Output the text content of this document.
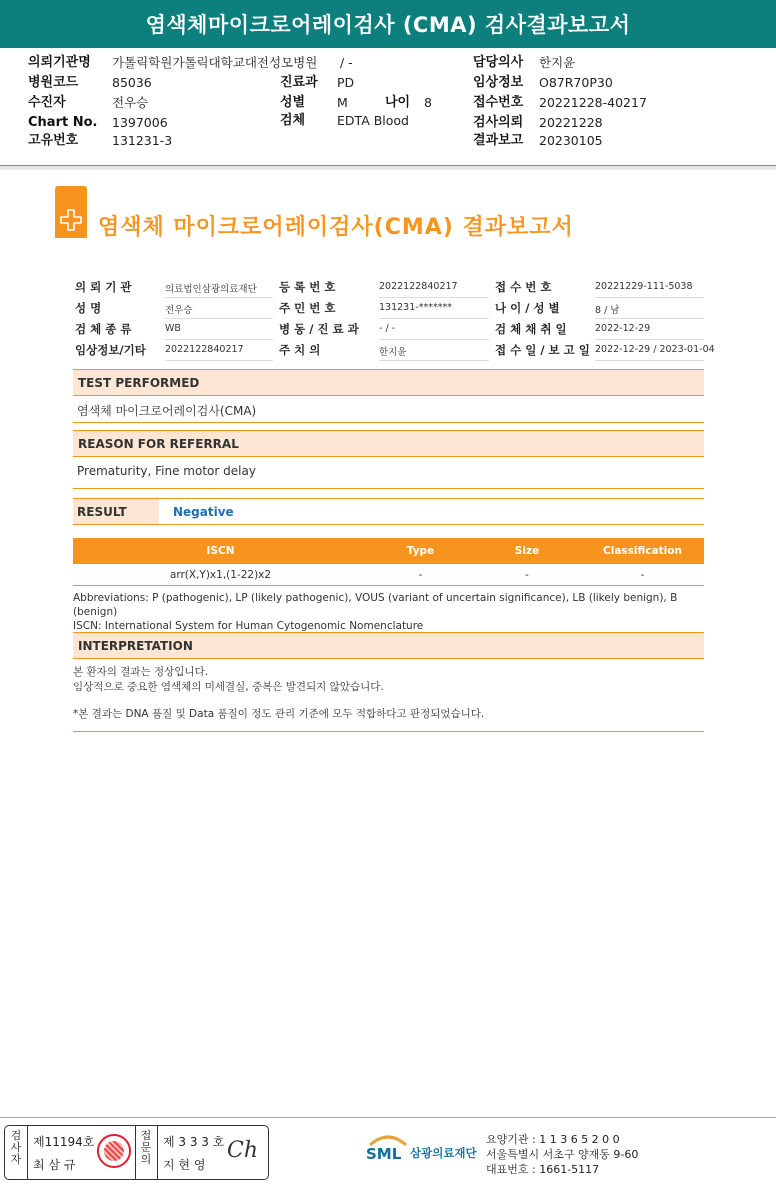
염색체마이크로어레이검사 (CMA) 검사결과보고서
의뢰기관명 가톨릭학원가톨릭대학교대전성모병원 / -
병원코드	85036
수진자	전우승
Chart No. 1397006
고유번호	131231-3
진료과 PD
성별	M	나이 8
검체	EDTA Blood
담당의사 한지윤
임상정보 O87R70P30
접수번호 20221228-40217
검사의뢰 20221228
결과보고 20230105
염색체 마이크로어레이검사(CMA) 결과보고서
의 뢰 기 관	의료법인삼광의료재단	등 록 번 호	2022122840217	접 수 번 호	20221229-111-5038
성 명	전우승	주 민 번 호	131231-*******	나 이 / 성 별	8 / 남
검 체 종 류	WB	병 동 / 진 료 과 - / -	검 체 채 취 일	2022-12-29
임상정보/기타 2022122840217	주 치 의	한지윤	접 수 일 / 보 고 일 2022-12-29 / 2023-01-04
TEST PERFORMED
염색체 마이크로어레이검사(CMA)
REASON FOR REFERRAL
Prematurity, Fine motor delay
RESULT	Negative
ISCN	Type	Size	Classification
arr(X,Y)x1,(1-22)x2	-	-	-
Abbreviations: P (pathogenic), LP (likely pathogenic), VOUS (variant of uncertain significance), LB (likely benign), B (benign)
ISCN: International System for Human Cytogenomic Nomenclature
INTERPRETATION
본 환자의 결과는 정상입니다.
임상적으로 중요한 염색체의 미세결실, 중복은 발견되지 않았습니다.
*본 결과는 DNA 품질 및 Data 품질이 정도 관리 기준에 모두 적합하다고 판정되었습니다.
검사자
제11194호
최 삼 규
접문의
제 3 3 3 호
지 현 영
Ch	SML 삼광의료재단
요양기관 : 1 1 3 6 5 2 0 0
서울특별시 서초구 양재동 9-60
대표번호 : 1661-5117
